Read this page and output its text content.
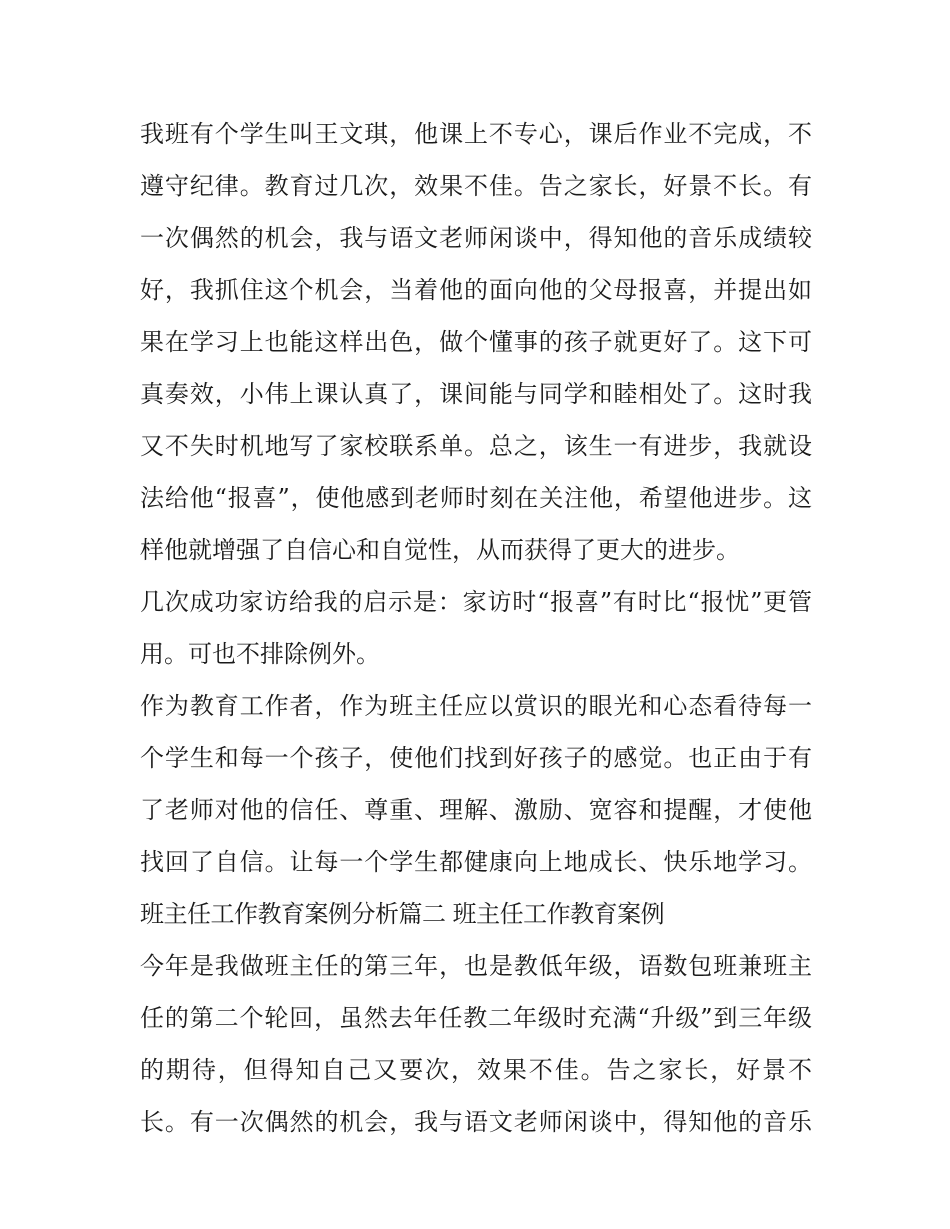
我班有个学生叫王文琪，他课上不专心，课后作业不完成，不
遵守纪律。教育过几次，效果不佳。告之家长，好景不长。有
一次偶然的机会，我与语文老师闲谈中，得知他的音乐成绩较
好，我抓住这个机会，当着他的面向他的父母报喜，并提出如
果在学习上也能这样出色，做个懂事的孩子就更好了。这下可
真奏效，小伟上课认真了，课间能与同学和睦相处了。这时我
又不失时机地写了家校联系单。总之，该生一有进步，我就设
法给他“报喜”，使他感到老师时刻在关注他，希望他进步。这
样他就增强了自信心和自觉性，从而获得了更大的进步。
几次成功家访给我的启示是：家访时“报喜”有时比“报忧”更管
用。可也不排除例外。
作为教育工作者，作为班主任应以赏识的眼光和心态看待每一
个学生和每一个孩子，使他们找到好孩子的感觉。也正由于有
了老师对他的信任、尊重、理解、激励、宽容和提醒，才使他
找回了自信。让每一个学生都健康向上地成长、快乐地学习。
班主任工作教育案例分析篇二 班主任工作教育案例
今年是我做班主任的第三年，也是教低年级，语数包班兼班主
任的第二个轮回，虽然去年任教二年级时充满“升级”到三年级
的期待，但得知自己又要次，效果不佳。告之家长，好景不
长。有一次偶然的机会，我与语文老师闲谈中，得知他的音乐
